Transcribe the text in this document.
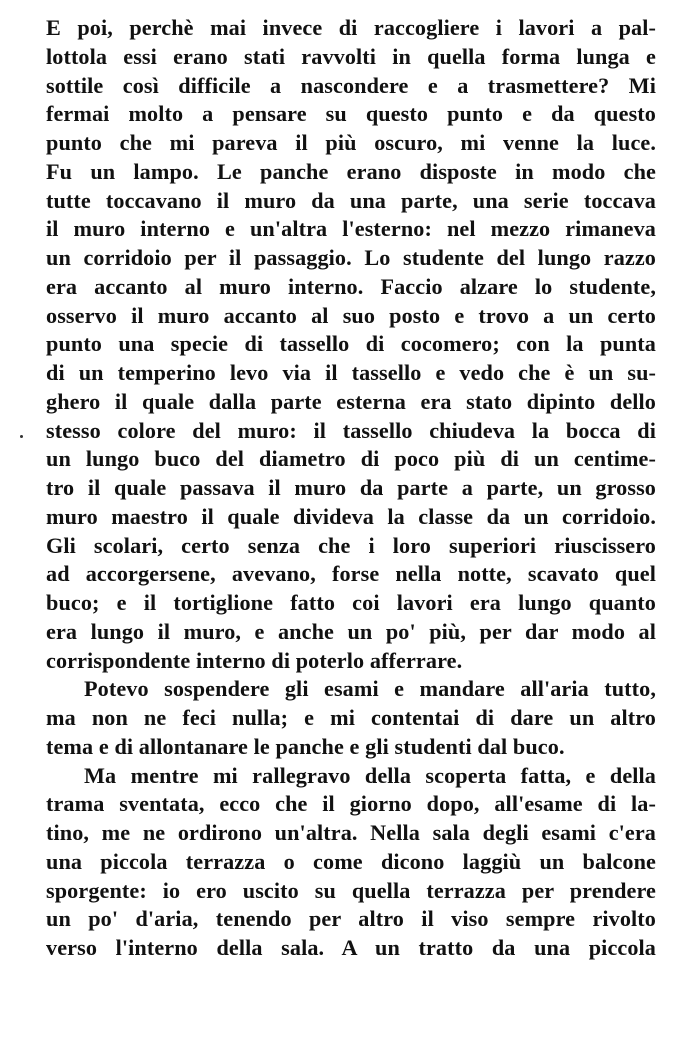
E poi, perchè mai invece di raccogliere i lavori a pal-
lottola essi erano stati ravvolti in quella forma lunga e
sottile così difficile a nascondere e a trasmettere? Mi
fermai molto a pensare su questo punto e da questo
punto che mi pareva il più oscuro, mi venne la luce.
Fu un lampo. Le panche erano disposte in modo che
tutte toccavano il muro da una parte, una serie toccava
il muro interno e un'altra l'esterno: nel mezzo rimaneva
un corridoio per il passaggio. Lo studente del lungo razzo
era accanto al muro interno. Faccio alzare lo studente,
osservo il muro accanto al suo posto e trovo a un certo
punto una specie di tassello di cocomero; con la punta
di un temperino levo via il tassello e vedo che è un su-
ghero il quale dalla parte esterna era stato dipinto dello
stesso colore del muro: il tassello chiudeva la bocca di
un lungo buco del diametro di poco più di un centime-
tro il quale passava il muro da parte a parte, un grosso
muro maestro il quale divideva la classe da un corridoio.
Gli scolari, certo senza che i loro superiori riuscissero
ad accorgersene, avevano, forse nella notte, scavato quel
buco; e il tortiglione fatto coi lavori era lungo quanto
era lungo il muro, e anche un po' più, per dar modo al
corrispondente interno di poterlo afferrare.
Potevo sospendere gli esami e mandare all'aria tutto,
ma non ne feci nulla; e mi contentai di dare un altro
tema e di allontanare le panche e gli studenti dal buco.
Ma mentre mi rallegravo della scoperta fatta, e della
trama sventata, ecco che il giorno dopo, all'esame di la-
tino, me ne ordirono un'altra. Nella sala degli esami c'era
una piccola terrazza o come dicono laggiù un balcone
sporgente: io ero uscito su quella terrazza per prendere
un po' d'aria, tenendo per altro il viso sempre rivolto
verso l'interno della sala. A un tratto da una piccola
